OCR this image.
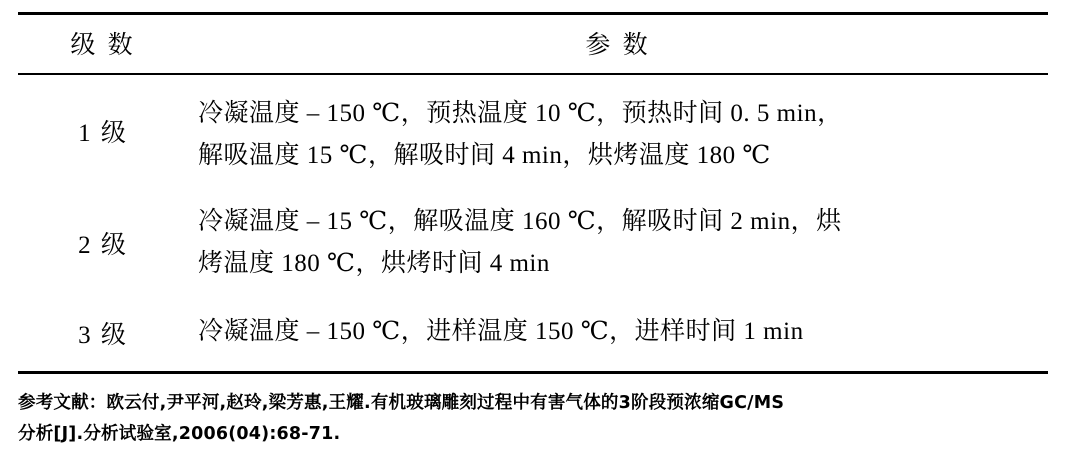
级 数	参 数
1 级	冷凝温度 – 150 ℃，预热温度 10 ℃，预热时间 0. 5 min，
解吸温度 15 ℃，解吸时间 4 min，烘烤温度 180 ℃

2 级	冷凝温度 – 15 ℃，解吸温度 160 ℃，解吸时间 2 min，烘
烤温度 180 ℃，烘烤时间 4 min

3 级	冷凝温度 – 150 ℃，进样温度 150 ℃，进样时间 1 min
参考文献：欧云付,尹平河,赵玲,梁芳惠,王耀.有机玻璃雕刻过程中有害气体的3阶段预浓缩GC/MS
分析[J].分析试验室,2006(04):68-71.
